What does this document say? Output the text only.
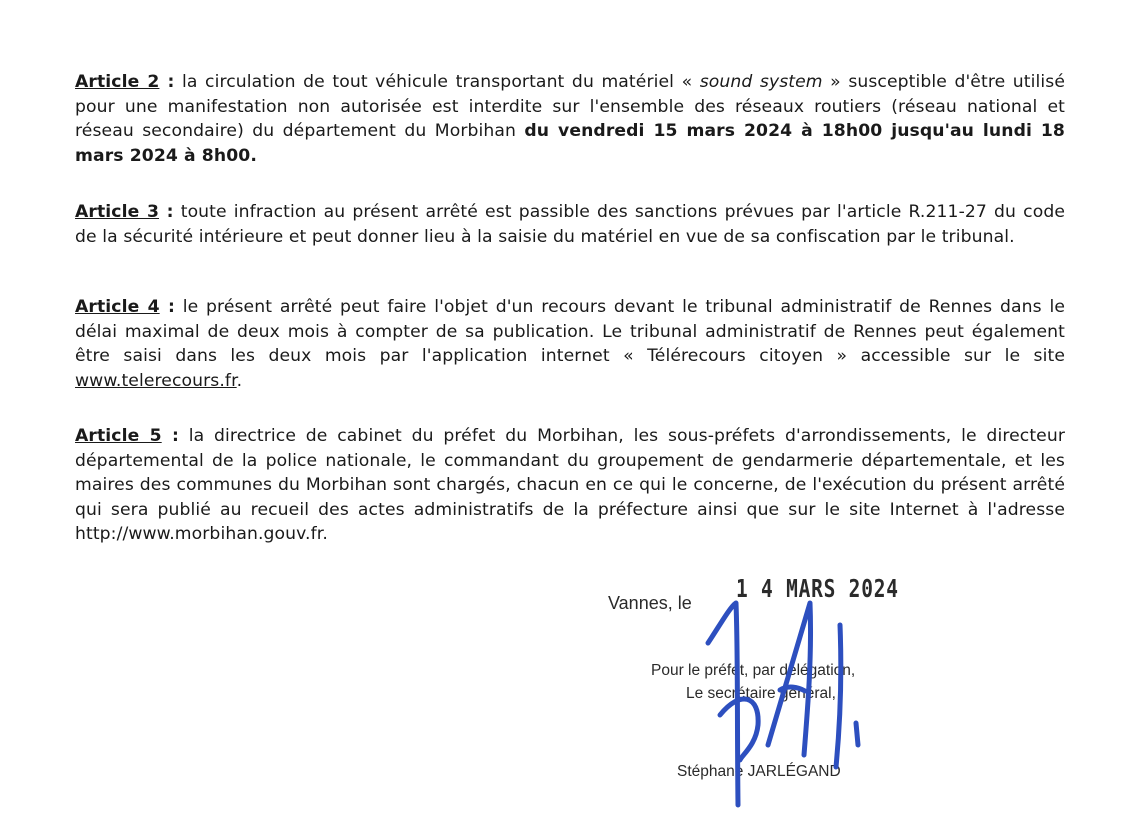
Article 2 : la circulation de tout véhicule transportant du matériel « sound system » susceptible d'être utilisé pour une manifestation non autorisée est interdite sur l'ensemble des réseaux routiers (réseau national et réseau secondaire) du département du Morbihan du vendredi 15 mars 2024 à 18h00 jusqu'au lundi 18 mars 2024 à 8h00.

Article 3 : toute infraction au présent arrêté est passible des sanctions prévues par l'article R.211-27 du code de la sécurité intérieure et peut donner lieu à la saisie du matériel en vue de sa confiscation par le tribunal.

Article 4 : le présent arrêté peut faire l'objet d'un recours devant le tribunal administratif de Rennes dans le délai maximal de deux mois à compter de sa publication. Le tribunal administratif de Rennes peut également être saisi dans les deux mois par l'application internet « Télérecours citoyen » accessible sur le site www.telerecours.fr.

Article 5 : la directrice de cabinet du préfet du Morbihan, les sous-préfets d'arrondissements, le directeur départemental de la police nationale, le commandant du groupement de gendarmerie départementale, et les maires des communes du Morbihan sont chargés, chacun en ce qui le concerne, de l'exécution du présent arrêté qui sera publié au recueil des actes administratifs de la préfecture ainsi que sur le site Internet à l'adresse http://www.morbihan.gouv.fr.

Vannes, le 1 4 MARS 2024
Pour le préfet, par délégation,
Le secrétaire général,
Stéphane JARLÉGAND
